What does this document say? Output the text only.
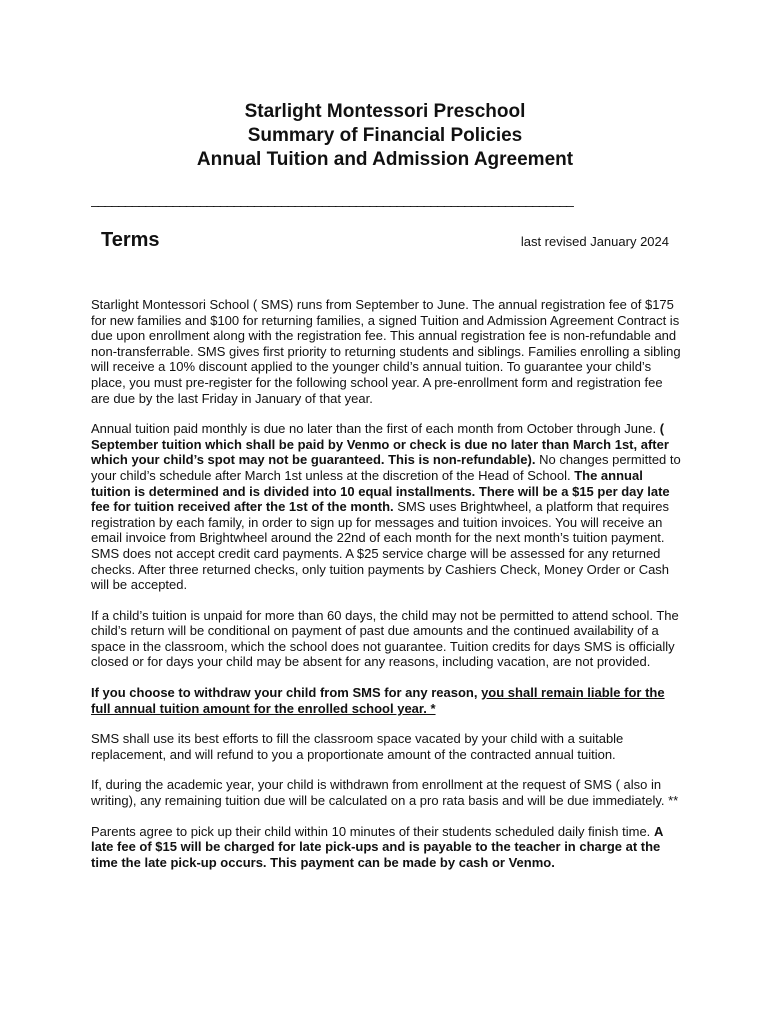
Starlight Montessori Preschool
Summary of Financial Policies
Annual Tuition and Admission Agreement
_______________________________________________________________________
Terms	last revised January 2024

Starlight Montessori School ( SMS) runs from September to June. The annual registration fee of $175 for new families and $100 for returning families, a signed Tuition and Admission Agreement Contract is due upon enrollment along with the registration fee. This annual registration fee is non-refundable and non-transferrable. SMS gives first priority to returning students and siblings. Families enrolling a sibling will receive a 10% discount applied to the younger child’s annual tuition. To guarantee your child’s place, you must pre-register for the following school year. A pre-enrollment form and registration fee are due by the last Friday in January of that year.

Annual tuition paid monthly is due no later than the first of each month from October through June. ( September tuition which shall be paid by Venmo or check is due no later than March 1st, after which your child’s spot may not be guaranteed. This is non-refundable). No changes permitted to your child’s schedule after March 1st unless at the discretion of the Head of School. The annual tuition is determined and is divided into 10 equal installments. There will be a $15 per day late fee for tuition received after the 1st of the month. SMS uses Brightwheel, a platform that requires registration by each family, in order to sign up for messages and tuition invoices. You will receive an email invoice from Brightwheel around the 22nd of each month for the next month’s tuition payment. SMS does not accept credit card payments. A $25 service charge will be assessed for any returned checks. After three returned checks, only tuition payments by Cashiers Check, Money Order or Cash will be accepted.

If a child’s tuition is unpaid for more than 60 days, the child may not be permitted to attend school. The child’s return will be conditional on payment of past due amounts and the continued availability of a space in the classroom, which the school does not guarantee. Tuition credits for days SMS is officially closed or for days your child may be absent for any reasons, including vacation, are not provided.

If you choose to withdraw your child from SMS for any reason, you shall remain liable for the full annual tuition amount for the enrolled school year. *

SMS shall use its best efforts to fill the classroom space vacated by your child with a suitable replacement, and will refund to you a proportionate amount of the contracted annual tuition.

If, during the academic year, your child is withdrawn from enrollment at the request of SMS ( also in writing), any remaining tuition due will be calculated on a pro rata basis and will be due immediately. **

Parents agree to pick up their child within 10 minutes of their students scheduled daily finish time. A late fee of $15 will be charged for late pick-ups and is payable to the teacher in charge at the time the late pick-up occurs. This payment can be made by cash or Venmo.
